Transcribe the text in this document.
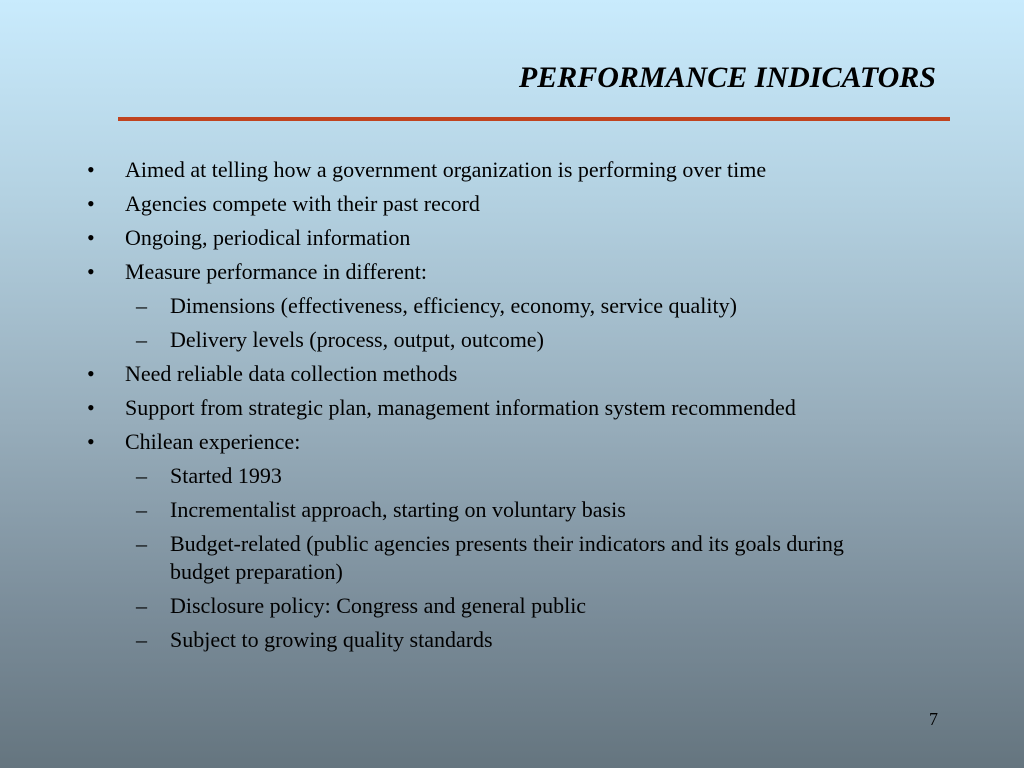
PERFORMANCE INDICATORS
• Aimed at telling how a government organization is performing over time
• Agencies compete with their past record
• Ongoing, periodical information
• Measure performance in different:
– Dimensions (effectiveness, efficiency, economy, service quality)
– Delivery levels (process, output, outcome)
• Need reliable data collection methods
• Support from strategic plan, management information system recommended
• Chilean experience:
– Started 1993
– Incrementalist approach, starting on voluntary basis
– Budget-related (public agencies presents their indicators and its goals during budget preparation)
– Disclosure policy: Congress and general public
– Subject to growing quality standards
7
